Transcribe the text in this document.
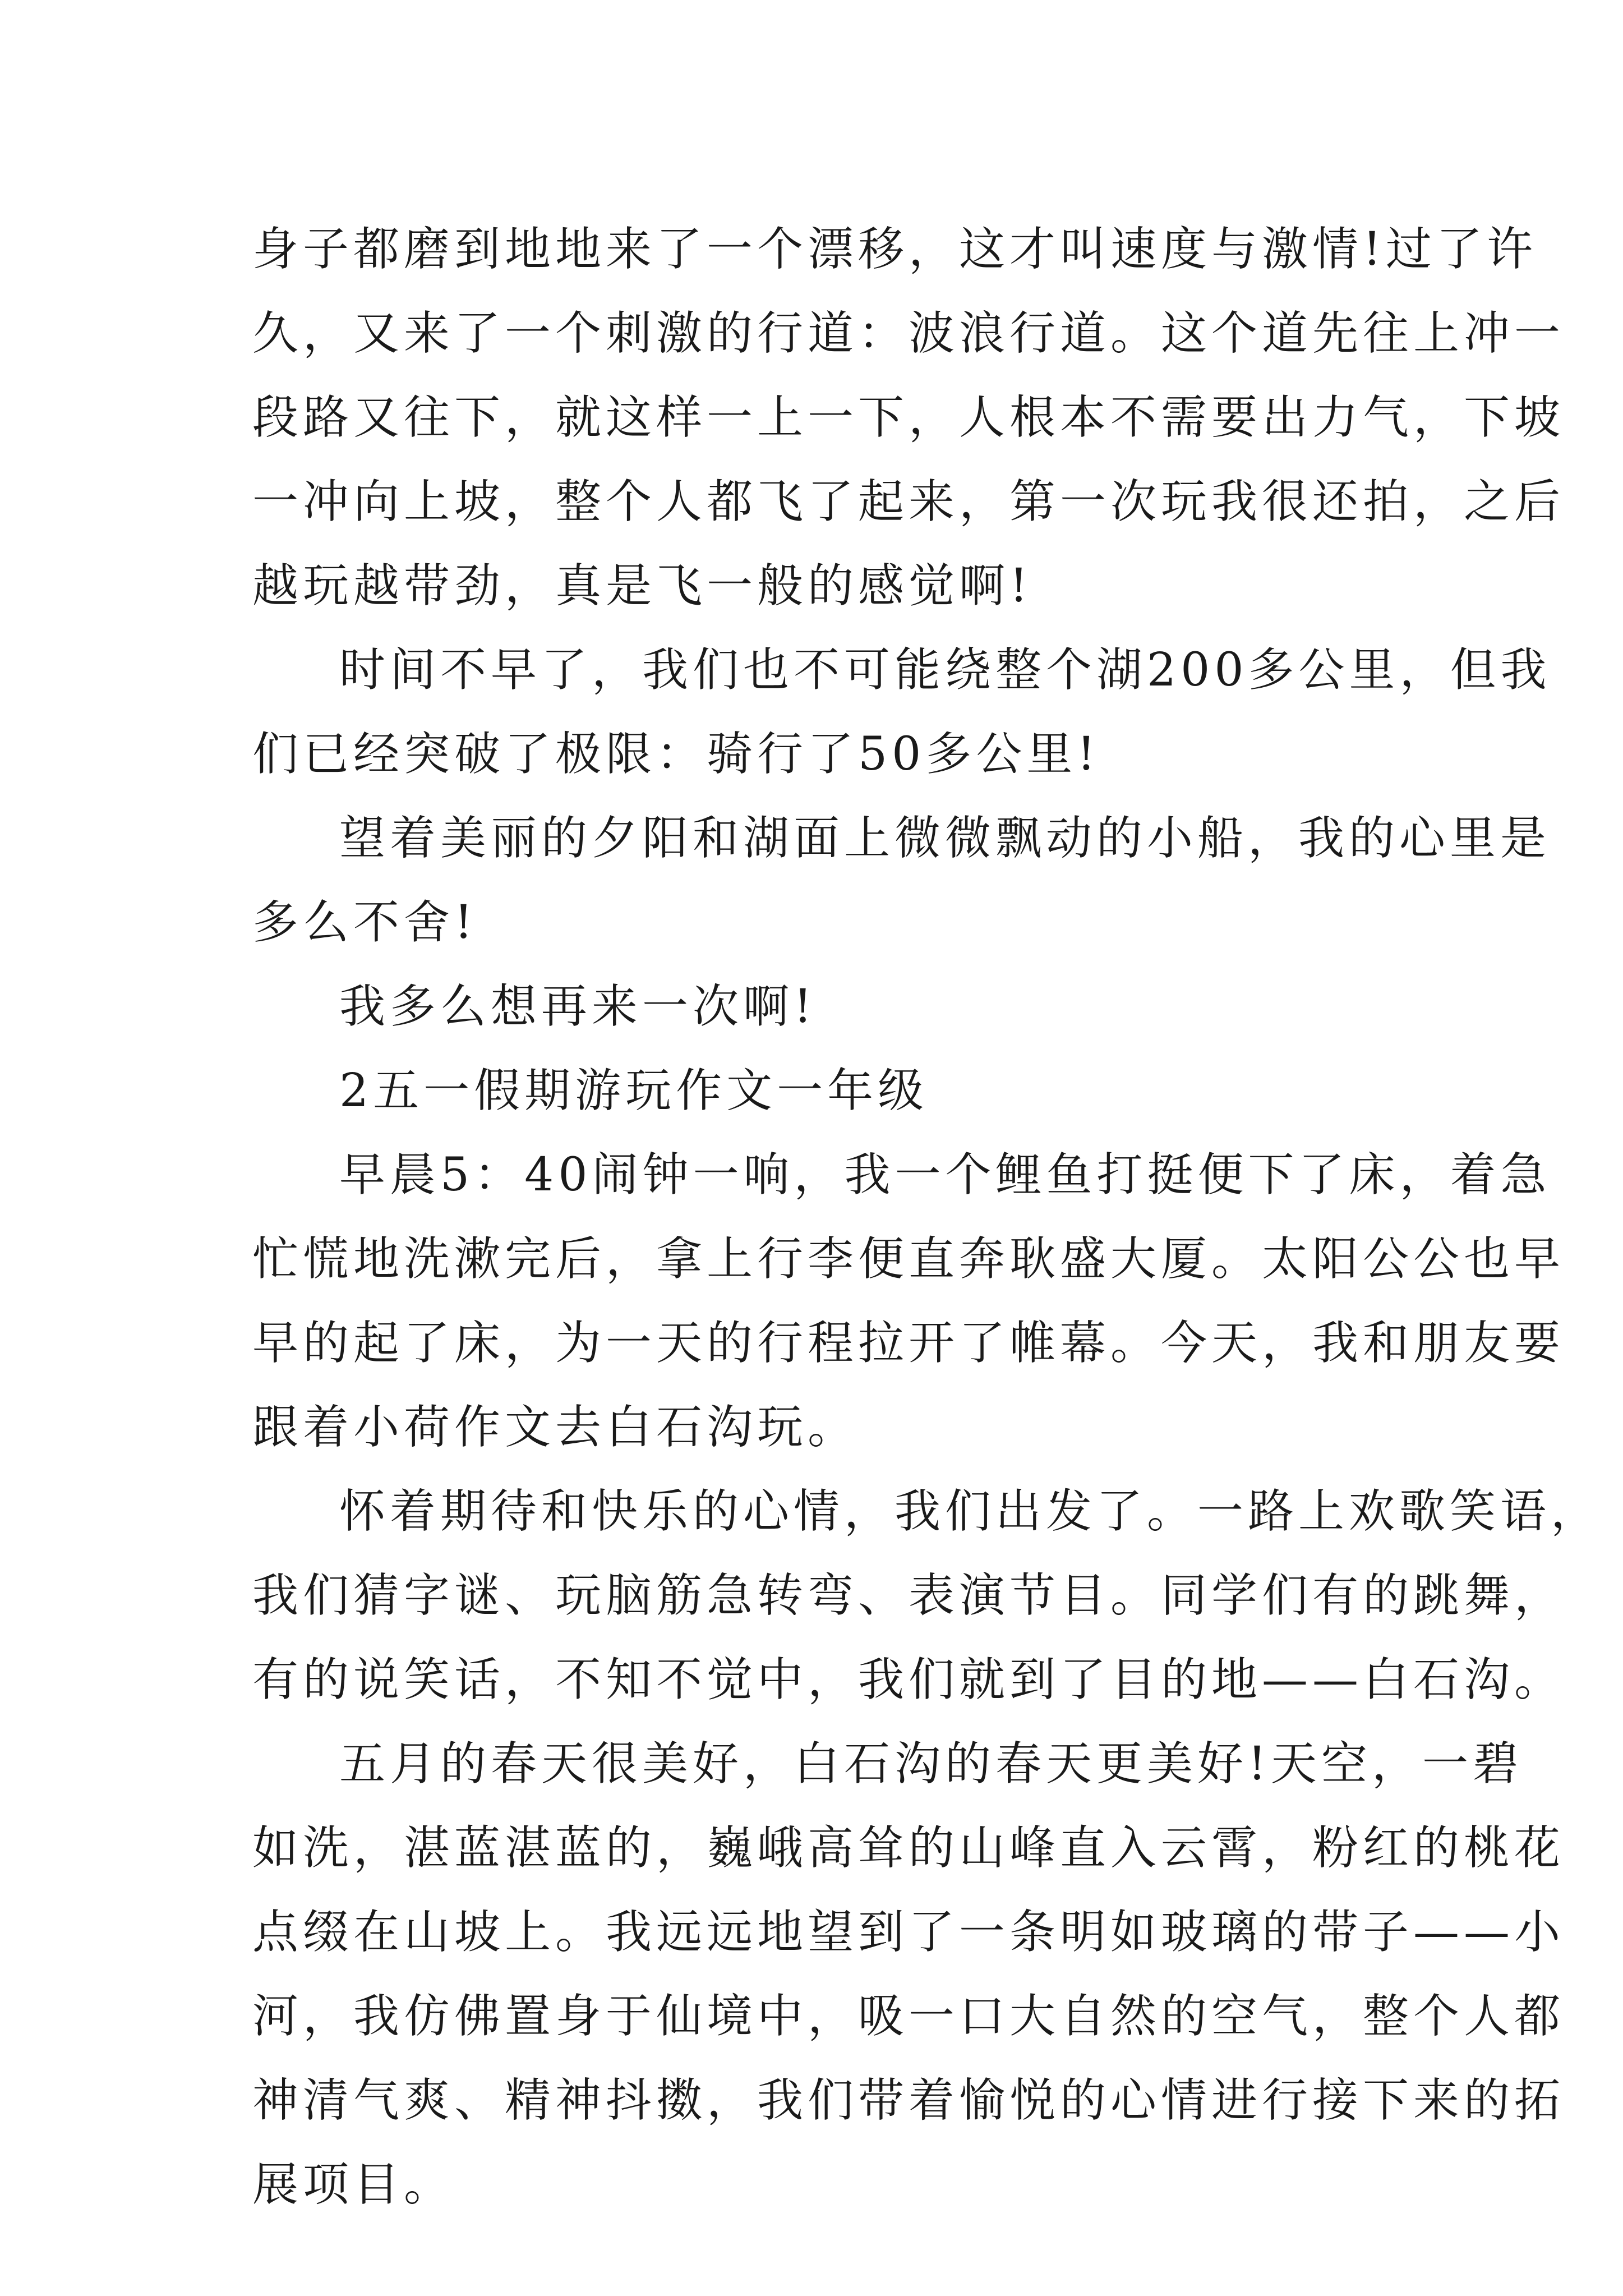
身子都磨到地地来了一个漂移，这才叫速度与激情!过了许
久，又来了一个刺激的行道：波浪行道。这个道先往上冲一
段路又往下，就这样一上一下，人根本不需要出力气，下坡
一冲向上坡，整个人都飞了起来，第一次玩我很还拍，之后
越玩越带劲，真是飞一般的感觉啊!
时间不早了，我们也不可能绕整个湖200多公里，但我
们已经突破了极限：骑行了50多公里!
望着美丽的夕阳和湖面上微微飘动的小船，我的心里是
多么不舍!
我多么想再来一次啊!
2五一假期游玩作文一年级
早晨5：40闹钟一响，我一个鲤鱼打挺便下了床，着急
忙慌地洗漱完后，拿上行李便直奔耿盛大厦。太阳公公也早
早的起了床，为一天的行程拉开了帷幕。今天，我和朋友要
跟着小荷作文去白石沟玩。
怀着期待和快乐的心情，我们出发了。一路上欢歌笑语，
我们猜字谜、玩脑筋急转弯、表演节目。同学们有的跳舞，
有的说笑话，不知不觉中，我们就到了目的地——白石沟。
五月的春天很美好，白石沟的春天更美好!天空，一碧
如洗，湛蓝湛蓝的，巍峨高耸的山峰直入云霄，粉红的桃花
点缀在山坡上。我远远地望到了一条明如玻璃的带子——小
河，我仿佛置身于仙境中，吸一口大自然的空气，整个人都
神清气爽、精神抖擞，我们带着愉悦的心情进行接下来的拓
展项目。
